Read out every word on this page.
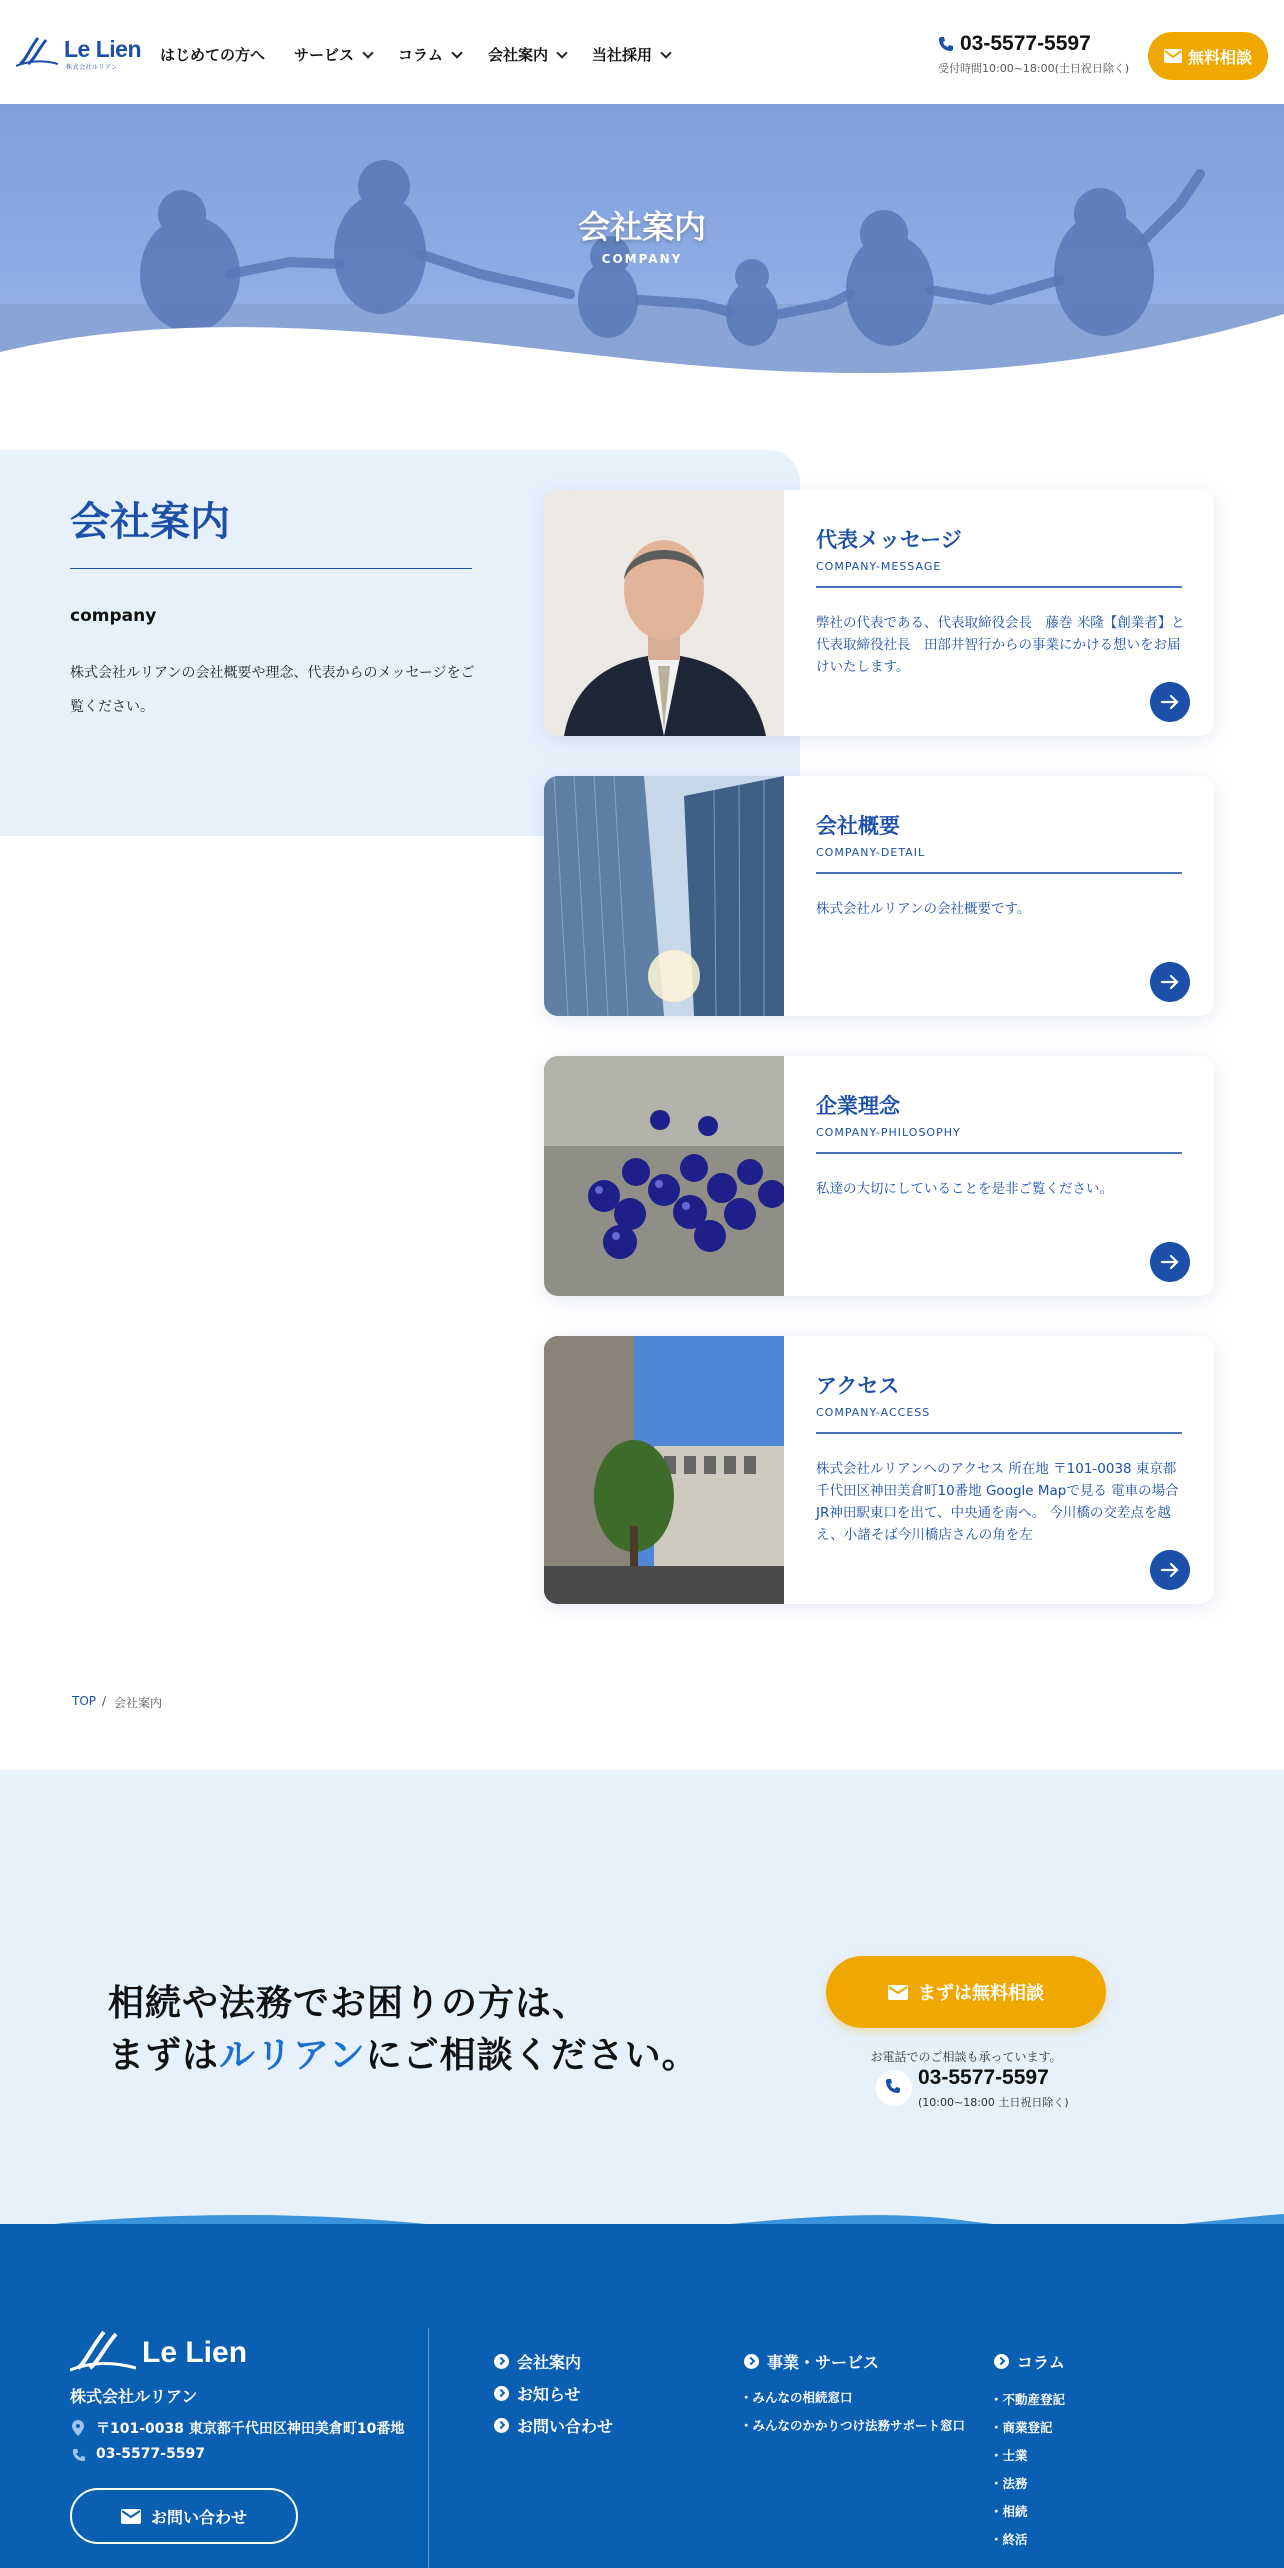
Le Lien
株式会社ルリアン
はじめての方へ サービス	コラム	会社案内	当社採用	03-5577-5597
受付時間10:00~18:00(土日祝日除く)
無料相談
会社案内
COMPANY
会社案内
company
株式会社ルリアンの会社概要や理念、代表からのメッセージをご覧ください。
代表メッセージ
COMPANY-MESSAGE
弊社の代表である、代表取締役会長　藤巻 米隆【創業者】と代表取締役社長　田部井智行からの事業にかける想いをお届けいたします。
会社概要
COMPANY-DETAIL
株式会社ルリアンの会社概要です。
企業理念
COMPANY-PHILOSOPHY
私達の大切にしていることを是非ご覧ください。
アクセス
COMPANY-ACCESS
株式会社ルリアンへのアクセス 所在地 〒101-0038 東京都千代田区神田美倉町10番地 Google Mapで見る 電車の場合 JR神田駅東口を出て、中央通を南へ。 今川橋の交差点を越え、小諸そば今川橋店さんの角を左
TOP / 会社案内
相続や法務でお困りの方は、
まずはルリアンにご相談ください。
まずは無料相談
お電話でのご相談も承っています。
03-5577-5597
(10:00~18:00 土日祝日除く)
Le Lien
株式会社ルリアン
〒101-0038 東京都千代田区神田美倉町10番地
03-5577-5597
お問い合わせ
会社案内
お知らせ
お問い合わせ
事業・サービス
・ みんなの相続窓口
・ みんなのかかりつけ法務サポート窓口
コラム
・ 不動産登記
・ 商業登記
・ 士業
・ 法務
・ 相続
・ 終活
